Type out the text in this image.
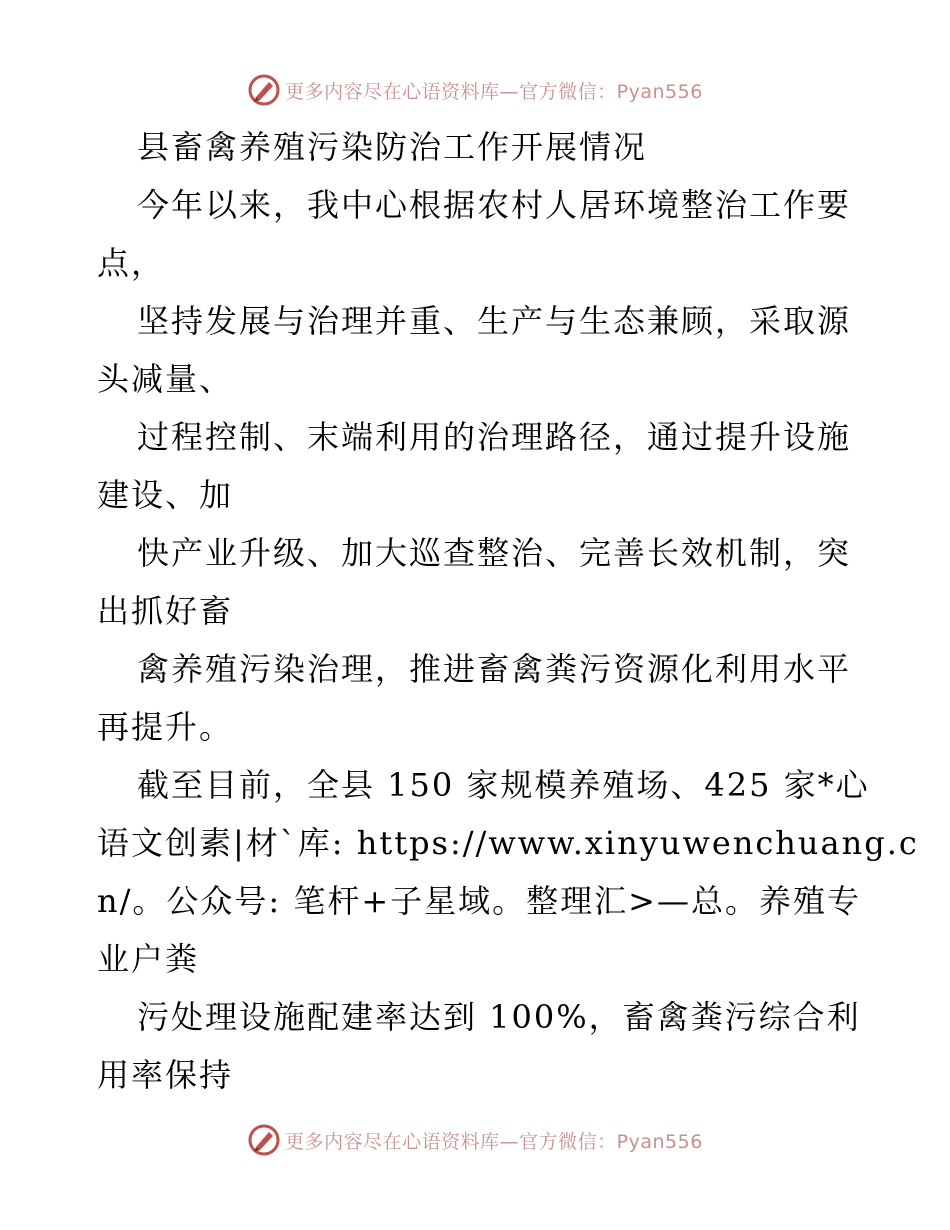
更多内容尽在心语资料库—官方微信：Pyan556
县畜禽养殖污染防治工作开展情况
今年以来，我中心根据农村人居环境整治工作要
点，
坚持发展与治理并重、生产与生态兼顾，采取源
头减量、
过程控制、末端利用的治理路径，通过提升设施
建设、加
快产业升级、加大巡查整治、完善长效机制，突
出抓好畜
禽养殖污染治理，推进畜禽粪污资源化利用水平
再提升。
截至目前，全县 150 家规模养殖场、425 家*心
语文创素|材`库: https://www.xinyuwenchuang.c
n/。公众号: 笔杆+子星域。整理汇>—总。养殖专
业户粪
污处理设施配建率达到 100%，畜禽粪污综合利
用率保持
更多内容尽在心语资料库—官方微信：Pyan556
